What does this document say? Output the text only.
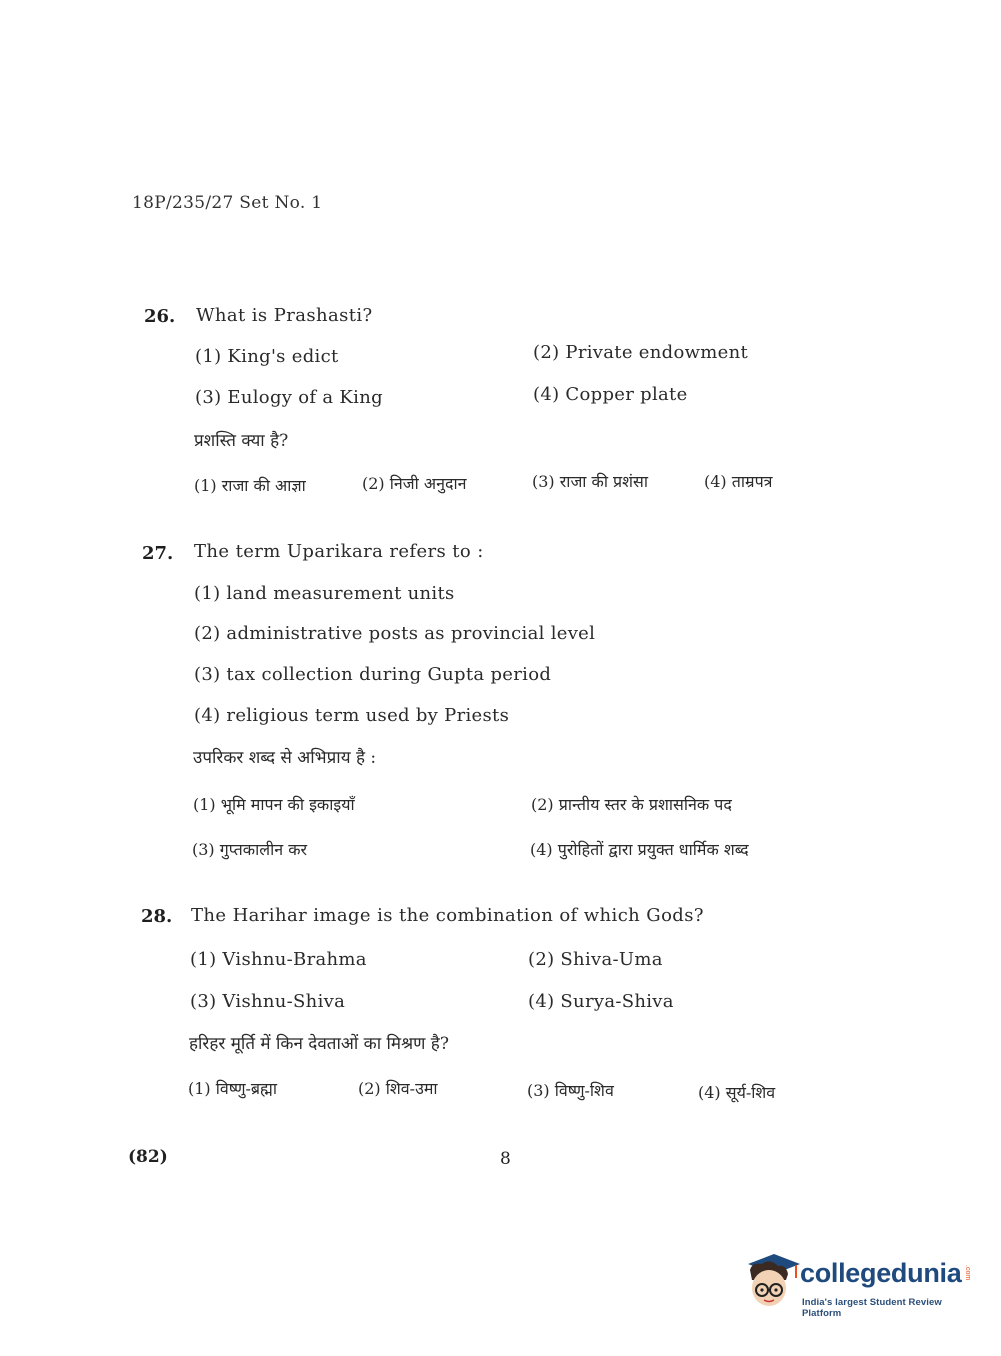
18P/235/27 Set No. 1
26. What is Prashasti?
(1) King's edict	(2) Private endowment
(3) Eulogy of a King	(4) Copper plate
प्रशस्ति क्या है?
(1) राजा की आज्ञा	(2) निजी अनुदान	(3) राजा की प्रशंसा	(4) ताम्रपत्र
27. The term Uparikara refers to :
(1) land measurement units
(2) administrative posts as provincial level
(3) tax collection during Gupta period
(4) religious term used by Priests
उपरिकर शब्द से अभिप्राय है :
(1) भूमि मापन की इकाइयाँ	(2) प्रान्तीय स्तर के प्रशासनिक पद
(3) गुप्तकालीन कर	(4) पुरोहितों द्वारा प्रयुक्त धार्मिक शब्द
28. The Harihar image is the combination of which Gods?
(1) Vishnu-Brahma	(2) Shiva-Uma
(3) Vishnu-Shiva	(4) Surya-Shiva
हरिहर मूर्ति में किन देवताओं का मिश्रण है?
(1) विष्णु-ब्रह्मा	(2) शिव-उमा	(3) विष्णु-शिव	(4) सूर्य-शिव
(82)	8
collegedunia .com
India's largest Student Review Platform
